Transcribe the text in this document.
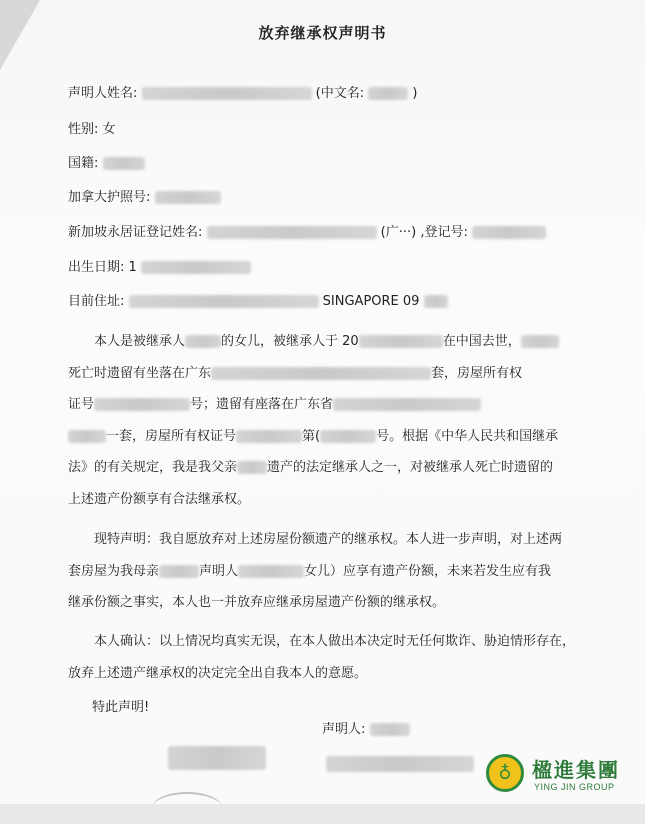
放弃继承权声明书
声明人姓名:	(中文名:	)
性别: 女
国籍:
加拿大护照号:
新加坡永居证登记姓名:	(广···) ,登记号:
出生日期: 1
目前住址:	SINGAPORE 09
本人是被继承人	的女儿，被继承人于 20	在中国去世，
死亡时遗留有坐落在广东	套，房屋所有权
证号	号；遗留有座落在广东省
一套，房屋所有权证号	第(	号。根据《中华人民共和国继承
法》的有关规定，我是我父亲 遗产的法定继承人之一，对被继承人死亡时遗留的
上述遗产份额享有合法继承权。
现特声明：我自愿放弃对上述房屋份额遗产的继承权。本人进一步声明，对上述两
套房屋为我母亲	声明人	女儿）应享有遗产份额，未来若发生应有我
继承份额之事实，本人也一并放弃应继承房屋遗产份额的继承权。
本人确认：以上情况均真实无误，在本人做出本决定时无任何欺诈、胁迫情形存在，
放弃上述遗产继承权的决定完全出自我本人的意愿。
特此声明!
声明人:
♁	楹進集團
YING JIN GROUP
